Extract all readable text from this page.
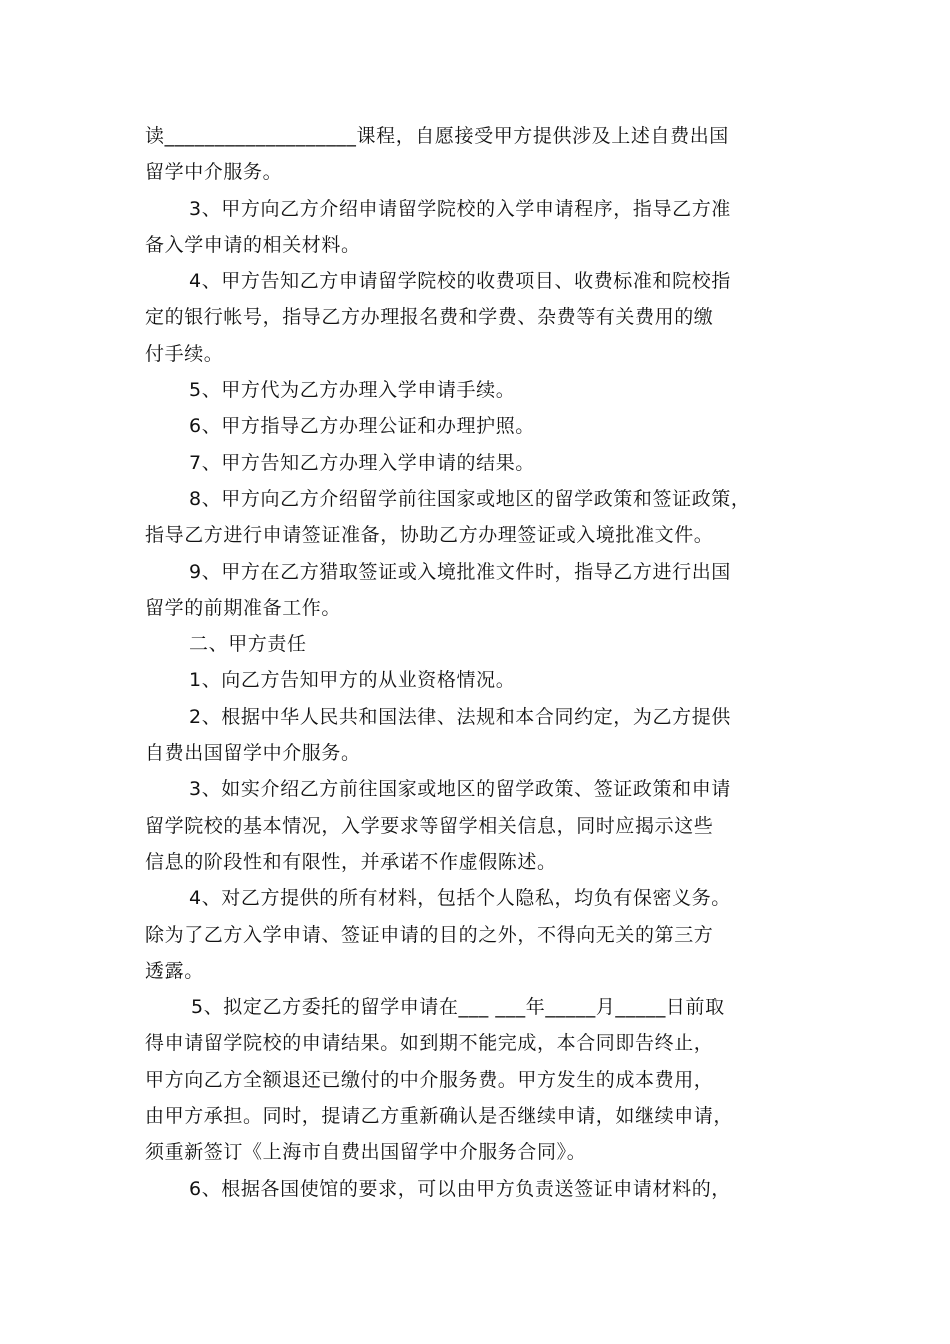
读___________________课程，自愿接受甲方提供涉及上述自费出国
留学中介服务。
3、甲方向乙方介绍申请留学院校的入学申请程序，指导乙方准
备入学申请的相关材料。
4、甲方告知乙方申请留学院校的收费项目、收费标准和院校指
定的银行帐号，指导乙方办理报名费和学费、杂费等有关费用的缴
付手续。
5、甲方代为乙方办理入学申请手续。
6、甲方指导乙方办理公证和办理护照。
7、甲方告知乙方办理入学申请的结果。
8、甲方向乙方介绍留学前往国家或地区的留学政策和签证政策，
指导乙方进行申请签证准备，协助乙方办理签证或入境批准文件。
9、甲方在乙方猎取签证或入境批准文件时，指导乙方进行出国
留学的前期准备工作。
二、甲方责任
1、向乙方告知甲方的从业资格情况。
2、根据中华人民共和国法律、法规和本合同约定，为乙方提供
自费出国留学中介服务。
3、如实介绍乙方前往国家或地区的留学政策、签证政策和申请
留学院校的基本情况，入学要求等留学相关信息，同时应揭示这些
信息的阶段性和有限性，并承诺不作虚假陈述。
4、对乙方提供的所有材料，包括个人隐私，均负有保密义务。
除为了乙方入学申请、签证申请的目的之外，不得向无关的第三方
透露。
5、拟定乙方委托的留学申请在___ ___年_____月_____日前取
得申请留学院校的申请结果。如到期不能完成，本合同即告终止，
甲方向乙方全额退还已缴付的中介服务费。甲方发生的成本费用，
由甲方承担。同时，提请乙方重新确认是否继续申请，如继续申请，
须重新签订《上海市自费出国留学中介服务合同》。
6、根据各国使馆的要求，可以由甲方负责送签证申请材料的，
